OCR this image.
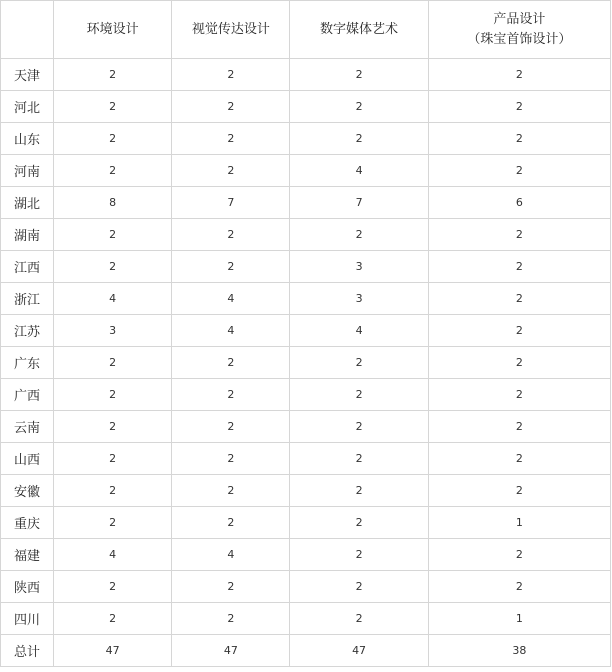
	环境设计	视觉传达设计	数字媒体艺术	产品设计
（珠宝首饰设计）

天津	2	2	2	2
河北	2	2	2	2
山东	2	2	2	2
河南	2	2	4	2
湖北	8	7	7	6
湖南	2	2	2	2
江西	2	2	3	2
浙江	4	4	3	2
江苏	3	4	4	2
广东	2	2	2	2
广西	2	2	2	2
云南	2	2	2	2
山西	2	2	2	2
安徽	2	2	2	2
重庆	2	2	2	1
福建	4	4	2	2
陕西	2	2	2	2
四川	2	2	2	1
总计	47	47	47	38
